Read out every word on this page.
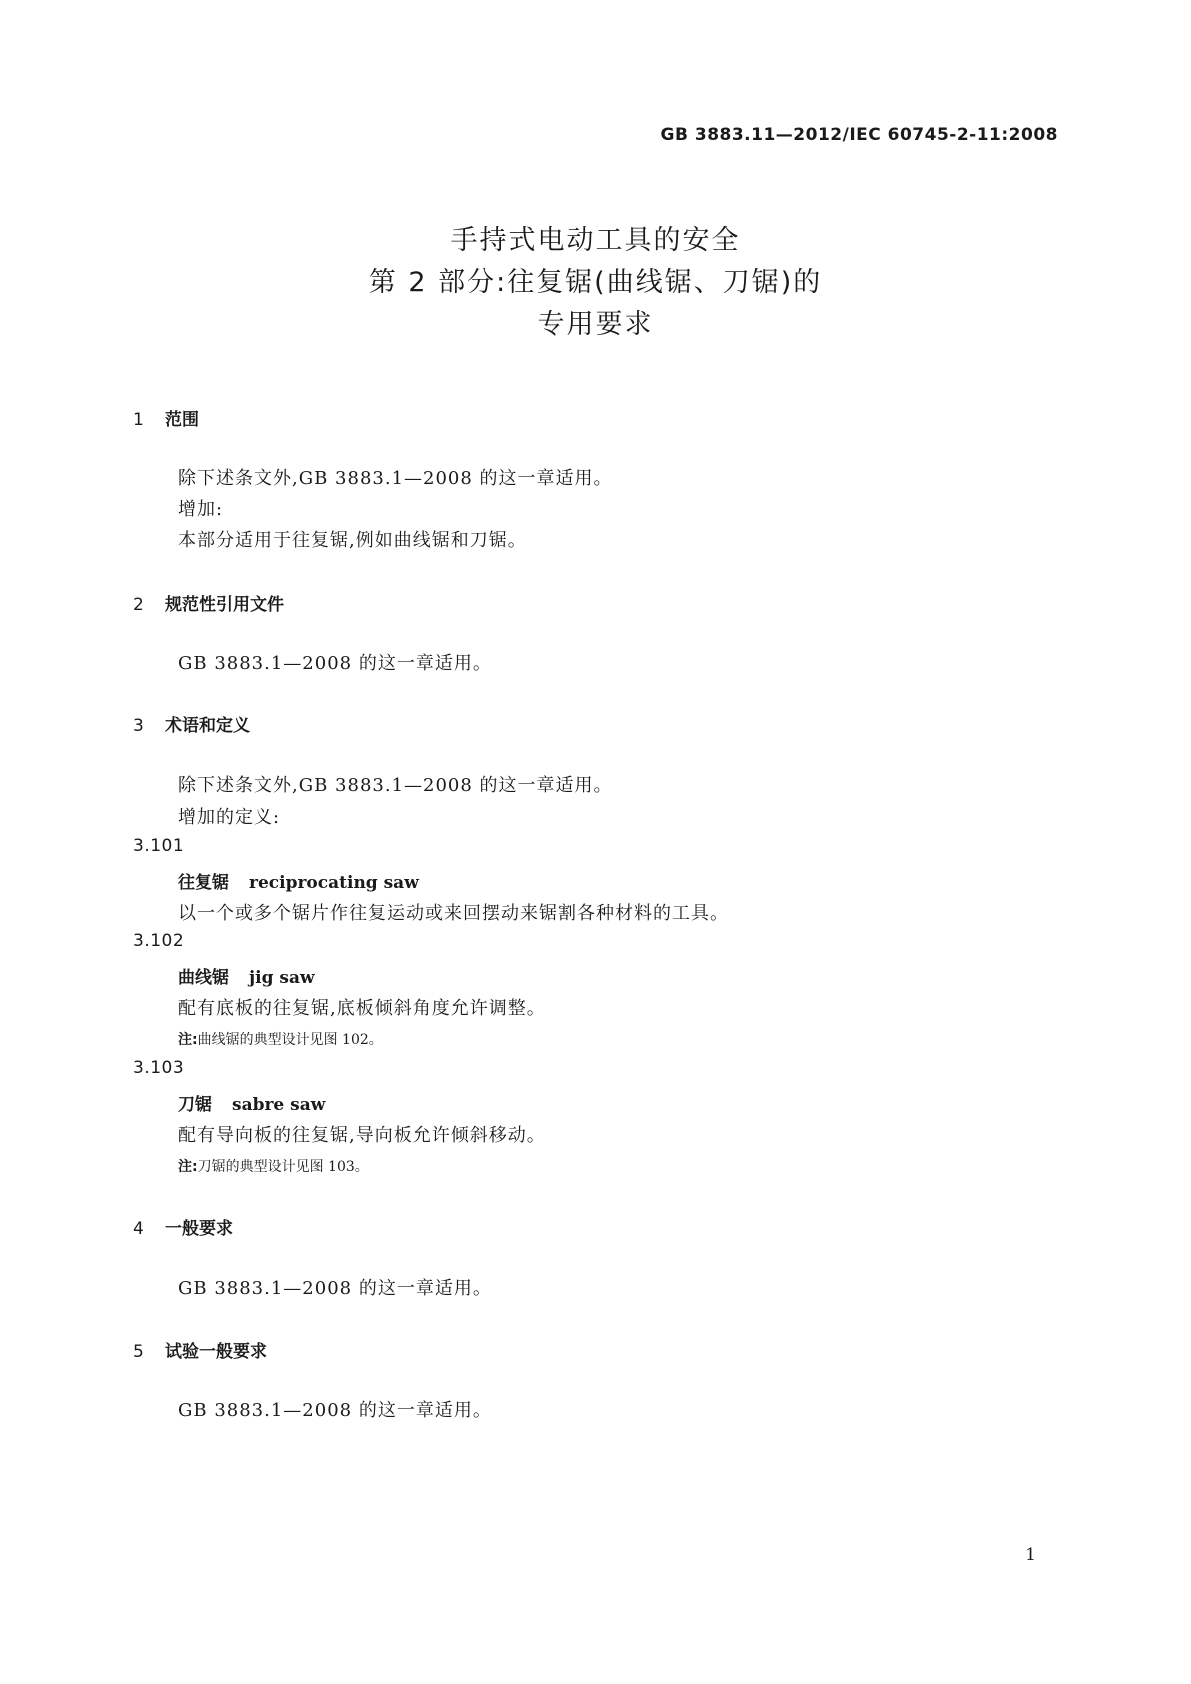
GB 3883.11—2012/IEC 60745-2-11:2008
手持式电动工具的安全
第 2 部分:往复锯(曲线锯、刀锯)的
专用要求
1 范围
除下述条文外,GB 3883.1—2008 的这一章适用。
增加:
本部分适用于往复锯,例如曲线锯和刀锯。
2 规范性引用文件
GB 3883.1—2008 的这一章适用。
3 术语和定义
除下述条文外,GB 3883.1—2008 的这一章适用。
增加的定义:
3.101
往复锯 reciprocating saw
以一个或多个锯片作往复运动或来回摆动来锯割各种材料的工具。
3.102
曲线锯 jig saw
配有底板的往复锯,底板倾斜角度允许调整。
注:曲线锯的典型设计见图 102。
3.103
刀锯 sabre saw
配有导向板的往复锯,导向板允许倾斜移动。
注:刀锯的典型设计见图 103。
4 一般要求
GB 3883.1—2008 的这一章适用。
5 试验一般要求
GB 3883.1—2008 的这一章适用。
1
